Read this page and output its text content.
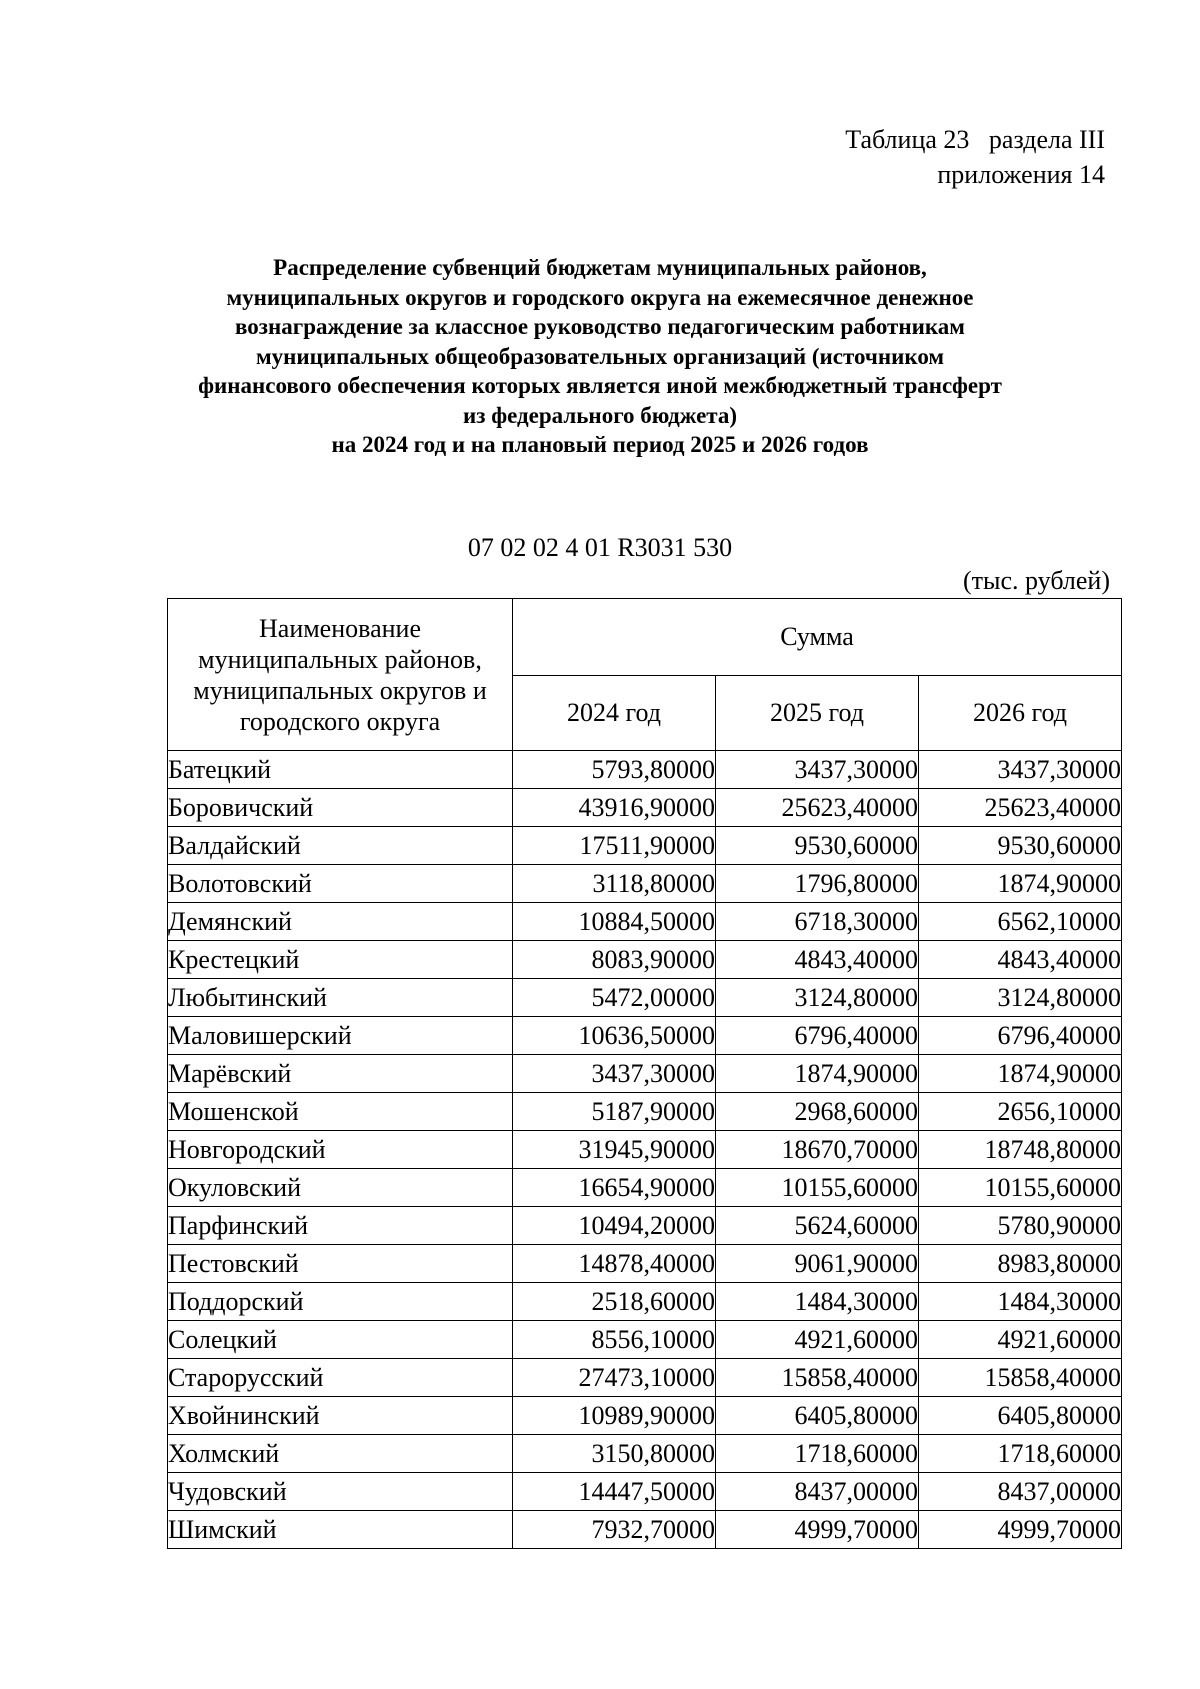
Таблица 23   раздела III
приложения 14
Распределение субвенций бюджетам муниципальных районов,
муниципальных округов и городского округа на ежемесячное денежное
вознаграждение за классное руководство педагогическим работникам
муниципальных общеобразовательных организаций (источником
финансового обеспечения которых является иной межбюджетный трансферт
из федерального бюджета)
на 2024 год и на плановый период 2025 и 2026 годов
07 02 02 4 01 R3031 530
(тыс. рублей)
Наименование муниципальных районов, муниципальных округов и городского округа	Сумма		
	2024 год	2025 год	2026 год
Батецкий	5793,80000	3437,30000	3437,30000
Боровичский	43916,90000	25623,40000	25623,40000
Валдайский	17511,90000	9530,60000	9530,60000
Волотовский	3118,80000	1796,80000	1874,90000
Демянский	10884,50000	6718,30000	6562,10000
Крестецкий	8083,90000	4843,40000	4843,40000
Любытинский	5472,00000	3124,80000	3124,80000
Маловишерский	10636,50000	6796,40000	6796,40000
Марёвский	3437,30000	1874,90000	1874,90000
Мошенской	5187,90000	2968,60000	2656,10000
Новгородский	31945,90000	18670,70000	18748,80000
Окуловский	16654,90000	10155,60000	10155,60000
Парфинский	10494,20000	5624,60000	5780,90000
Пестовский	14878,40000	9061,90000	8983,80000
Поддорский	2518,60000	1484,30000	1484,30000
Солецкий	8556,10000	4921,60000	4921,60000
Старорусский	27473,10000	15858,40000	15858,40000
Хвойнинский	10989,90000	6405,80000	6405,80000
Холмский	3150,80000	1718,60000	1718,60000
Чудовский	14447,50000	8437,00000	8437,00000
Шимский	7932,70000	4999,70000	4999,70000
